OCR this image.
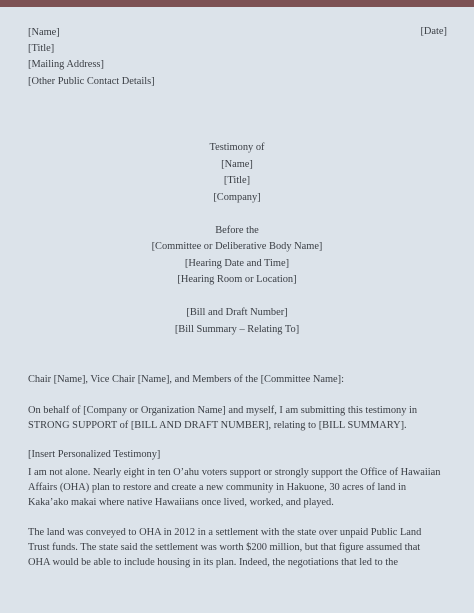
[Name]
[Title]
[Mailing Address]
[Other Public Contact Details]
[Date]
Testimony of
[Name]
[Title]
[Company]
Before the
[Committee or Deliberative Body Name]
[Hearing Date and Time]
[Hearing Room or Location]
[Bill and Draft Number]
[Bill Summary – Relating To]
Chair [Name], Vice Chair [Name], and Members of the [Committee Name]:
On behalf of [Company or Organization Name] and myself, I am submitting this testimony in
STRONG SUPPORT of [BILL AND DRAFT NUMBER], relating to [BILL SUMMARY].
[Insert Personalized Testimony]
I am not alone. Nearly eight in ten O’ahu voters support or strongly support the Office of Hawaiian
Affairs (OHA) plan to restore and create a new community in Hakuone, 30 acres of land in
Kaka’ako makai where native Hawaiians once lived, worked, and played.
The land was conveyed to OHA in 2012 in a settlement with the state over unpaid Public Land
Trust funds. The state said the settlement was worth $200 million, but that figure assumed that
OHA would be able to include housing in its plan. Indeed, the negotiations that led to the
